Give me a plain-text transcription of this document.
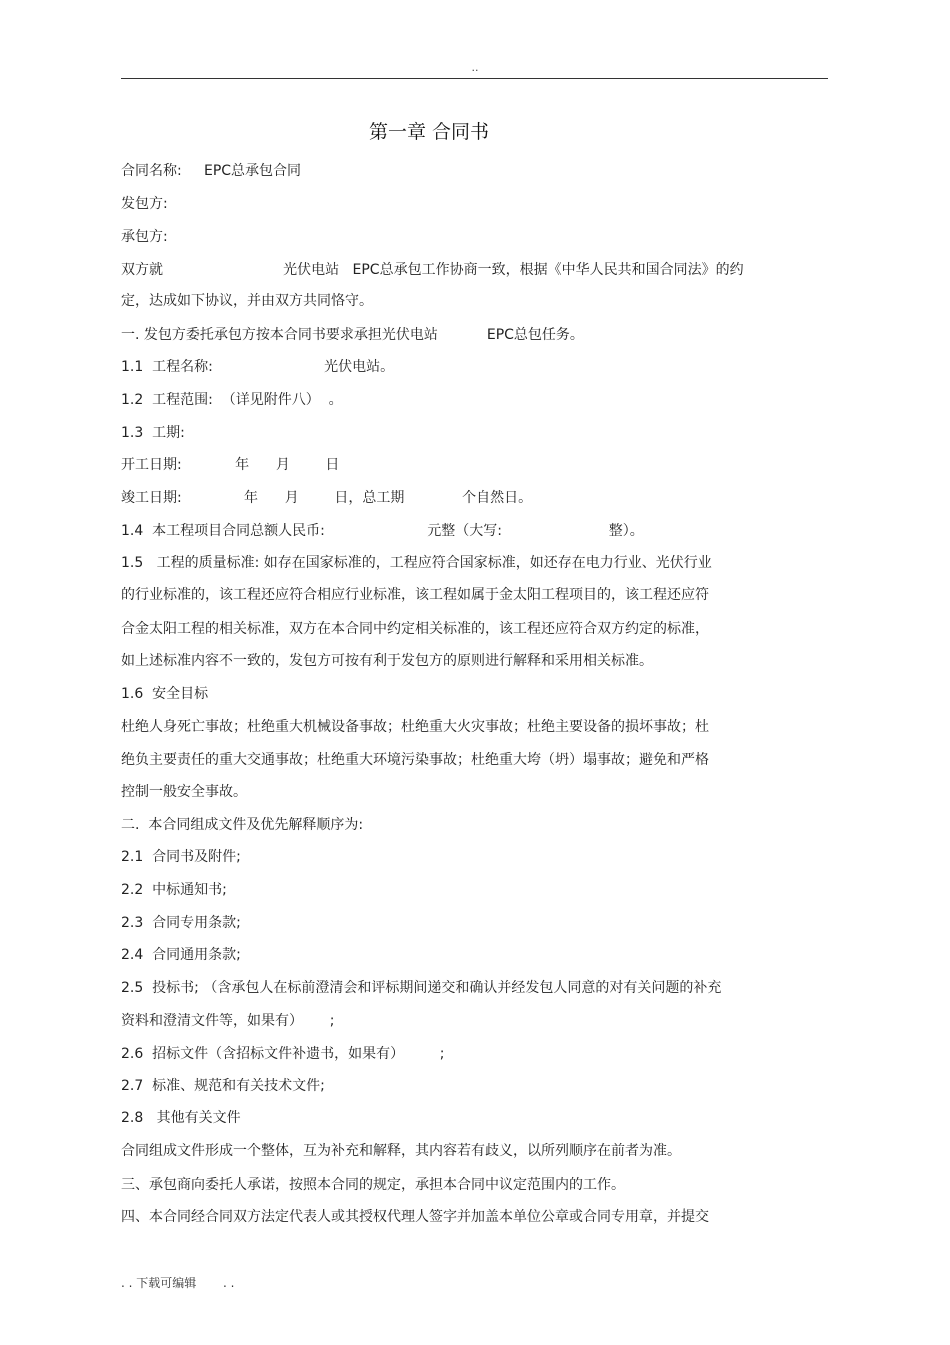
..
第一章 合同书
合同名称:     EPC总承包合同
发包方:
承包方:
双方就                           光伏电站   EPC总承包工作协商一致，根据《中华人民共和国合同法》的约
定，达成如下协议，并由双方共同恪守。
一. 发包方委托承包方按本合同书要求承担光伏电站           EPC总包任务。
1.1  工程名称:                         光伏电站。
1.2  工程范围:  （详见附件八）  。
1.3  工期:
开工日期:            年      月        日
竣工日期:              年      月        日，总工期             个自然日。
1.4  本工程项目合同总额人民币:                       元整（大写:                        整）。
1.5   工程的质量标准: 如存在国家标准的，工程应符合国家标准，如还存在电力行业、光伏行业
的行业标准的，该工程还应符合相应行业标准，该工程如属于金太阳工程项目的，该工程还应符
合金太阳工程的相关标准，双方在本合同中约定相关标准的，该工程还应符合双方约定的标准，
如上述标准内容不一致的，发包方可按有利于发包方的原则进行解释和采用相关标准。
1.6  安全目标
杜绝人身死亡事故；杜绝重大机械设备事故；杜绝重大火灾事故；杜绝主要设备的损坏事故；杜
绝负主要责任的重大交通事故；杜绝重大环境污染事故；杜绝重大垮（坍）塌事故；避免和严格
控制一般安全事故。
二.  本合同组成文件及优先解释顺序为:
2.1  合同书及附件;
2.2  中标通知书;
2.3  合同专用条款;
2.4  合同通用条款;
2.5  投标书; （含承包人在标前澄清会和评标期间递交和确认并经发包人同意的对有关问题的补充
资料和澄清文件等，如果有）      ;
2.6  招标文件（含招标文件补遗书，如果有）        ;
2.7  标准、规范和有关技术文件;
2.8   其他有关文件
合同组成文件形成一个整体，互为补充和解释，其内容若有歧义，以所列顺序在前者为准。
三、承包商向委托人承诺，按照本合同的规定，承担本合同中议定范围内的工作。
四、本合同经合同双方法定代表人或其授权代理人签字并加盖本单位公章或合同专用章，并提交
. . 下载可编辑       . .
